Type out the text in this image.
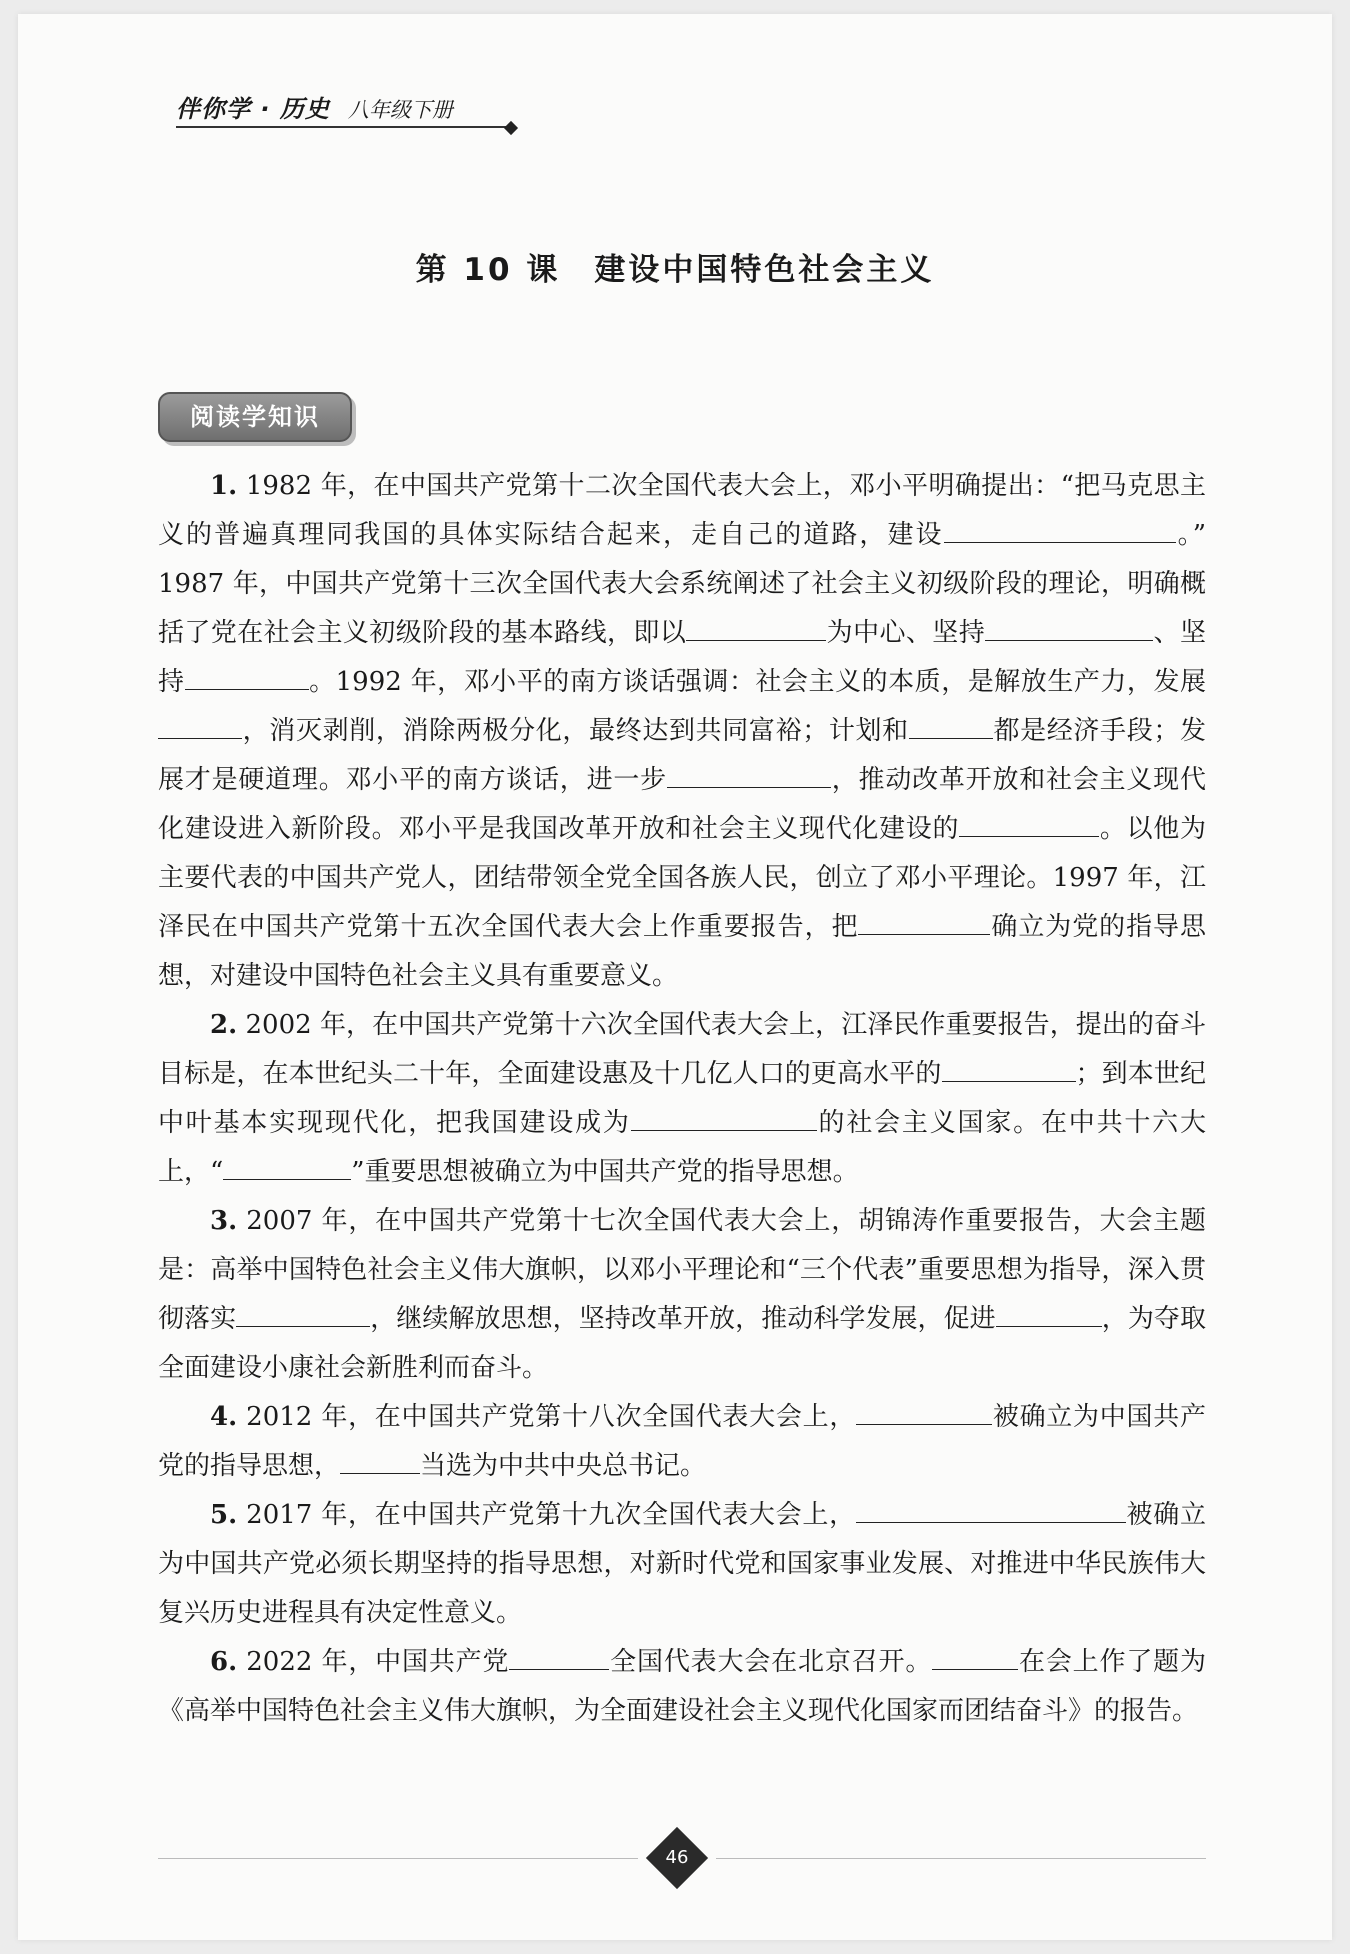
伴你学 · 历史 八年级下册
第 10 课 建设中国特色社会主义
阅读学知识

1. 1982 年，在中国共产党第十二次全国代表大会上，邓小平明确提出：“把马克思主义的普遍真理同我国的具体实际结合起来，走自己的道路，建设	。” 1987 年，中国共产党第十三次全国代表大会系统阐述了社会主义初级阶段的理论，明确概括了党在社会主义初级阶段的基本路线，即以	为中心、坚持	、坚持	。1992 年，邓小平的南方谈话强调：社会主义的本质，是解放生产力，发展，消灭剥削，消除两极分化，最终达到共同富裕；计划和	都是经济手段；发展才是硬道理。邓小平的南方谈话，进一步	，推动改革开放和社会主义现代化建设进入新阶段。邓小平是我国改革开放和社会主义现代化建设的	。以他为主要代表的中国共产党人，团结带领全党全国各族人民，创立了邓小平理论。1997 年，江泽民在中国共产党第十五次全国代表大会上作重要报告，把	确立为党的指导思想，对建设中国特色社会主义具有重要意义。

2. 2002 年，在中国共产党第十六次全国代表大会上，江泽民作重要报告，提出的奋斗目标是，在本世纪头二十年，全面建设惠及十几亿人口的更高水平的	；到本世纪中叶基本实现现代化，把我国建设成为	的社会主义国家。在中共十六大上，“	”重要思想被确立为中国共产党的指导思想。

3. 2007 年，在中国共产党第十七次全国代表大会上，胡锦涛作重要报告，大会主题是：高举中国特色社会主义伟大旗帜，以邓小平理论和“三个代表”重要思想为指导，深入贯彻落实	，继续解放思想，坚持改革开放，推动科学发展，促进	，为夺取全面建设小康社会新胜利而奋斗。

4. 2012 年，在中国共产党第十八次全国代表大会上，	被确立为中国共产党的指导思想，	当选为中共中央总书记。

5. 2017 年，在中国共产党第十九次全国代表大会上，	被确立为中国共产党必须长期坚持的指导思想，对新时代党和国家事业发展、对推进中华民族伟大复兴历史进程具有决定性意义。

6. 2022 年，中国共产党	全国代表大会在北京召开。	在会上作了题为《高举中国特色社会主义伟大旗帜，为全面建设社会主义现代化国家而团结奋斗》的报告。

46
